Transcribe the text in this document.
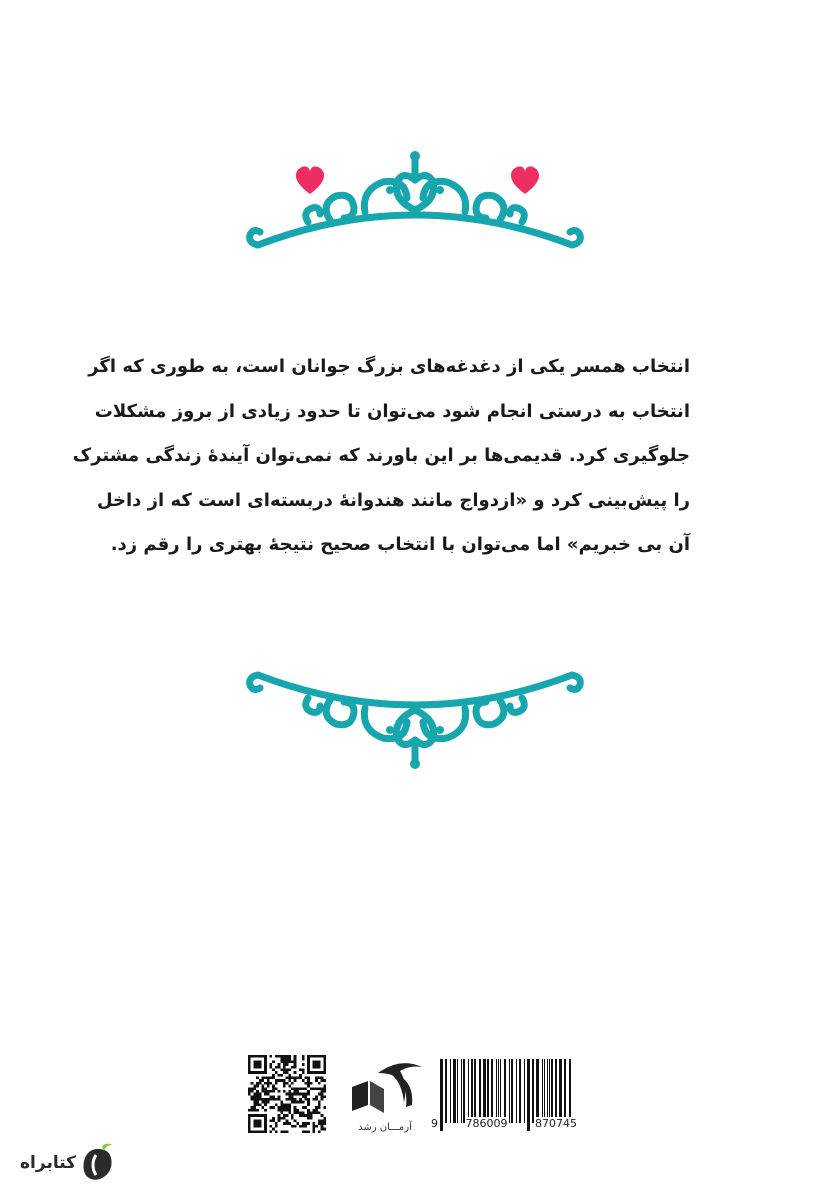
انتخاب همسر یکی از دغدغه‌های بزرگ جوانان است، به طوری که اگر
انتخاب به درستی انجام شود می‌توان تا حدود زیادی از بروز مشکلات
جلوگیری کرد. قدیمی‌ها بر این باورند که نمی‌توان آیندهٔ زندگی مشترک
را پیش‌بینی کرد و «ازدواج مانند هندوانهٔ دربسته‌ای است که از داخل
آن بی خبریم» اما می‌توان با انتخاب صحیح نتیجهٔ بهتری را رقم زد.
آرمـــان رشد	9	786009	870745
کتابراه
